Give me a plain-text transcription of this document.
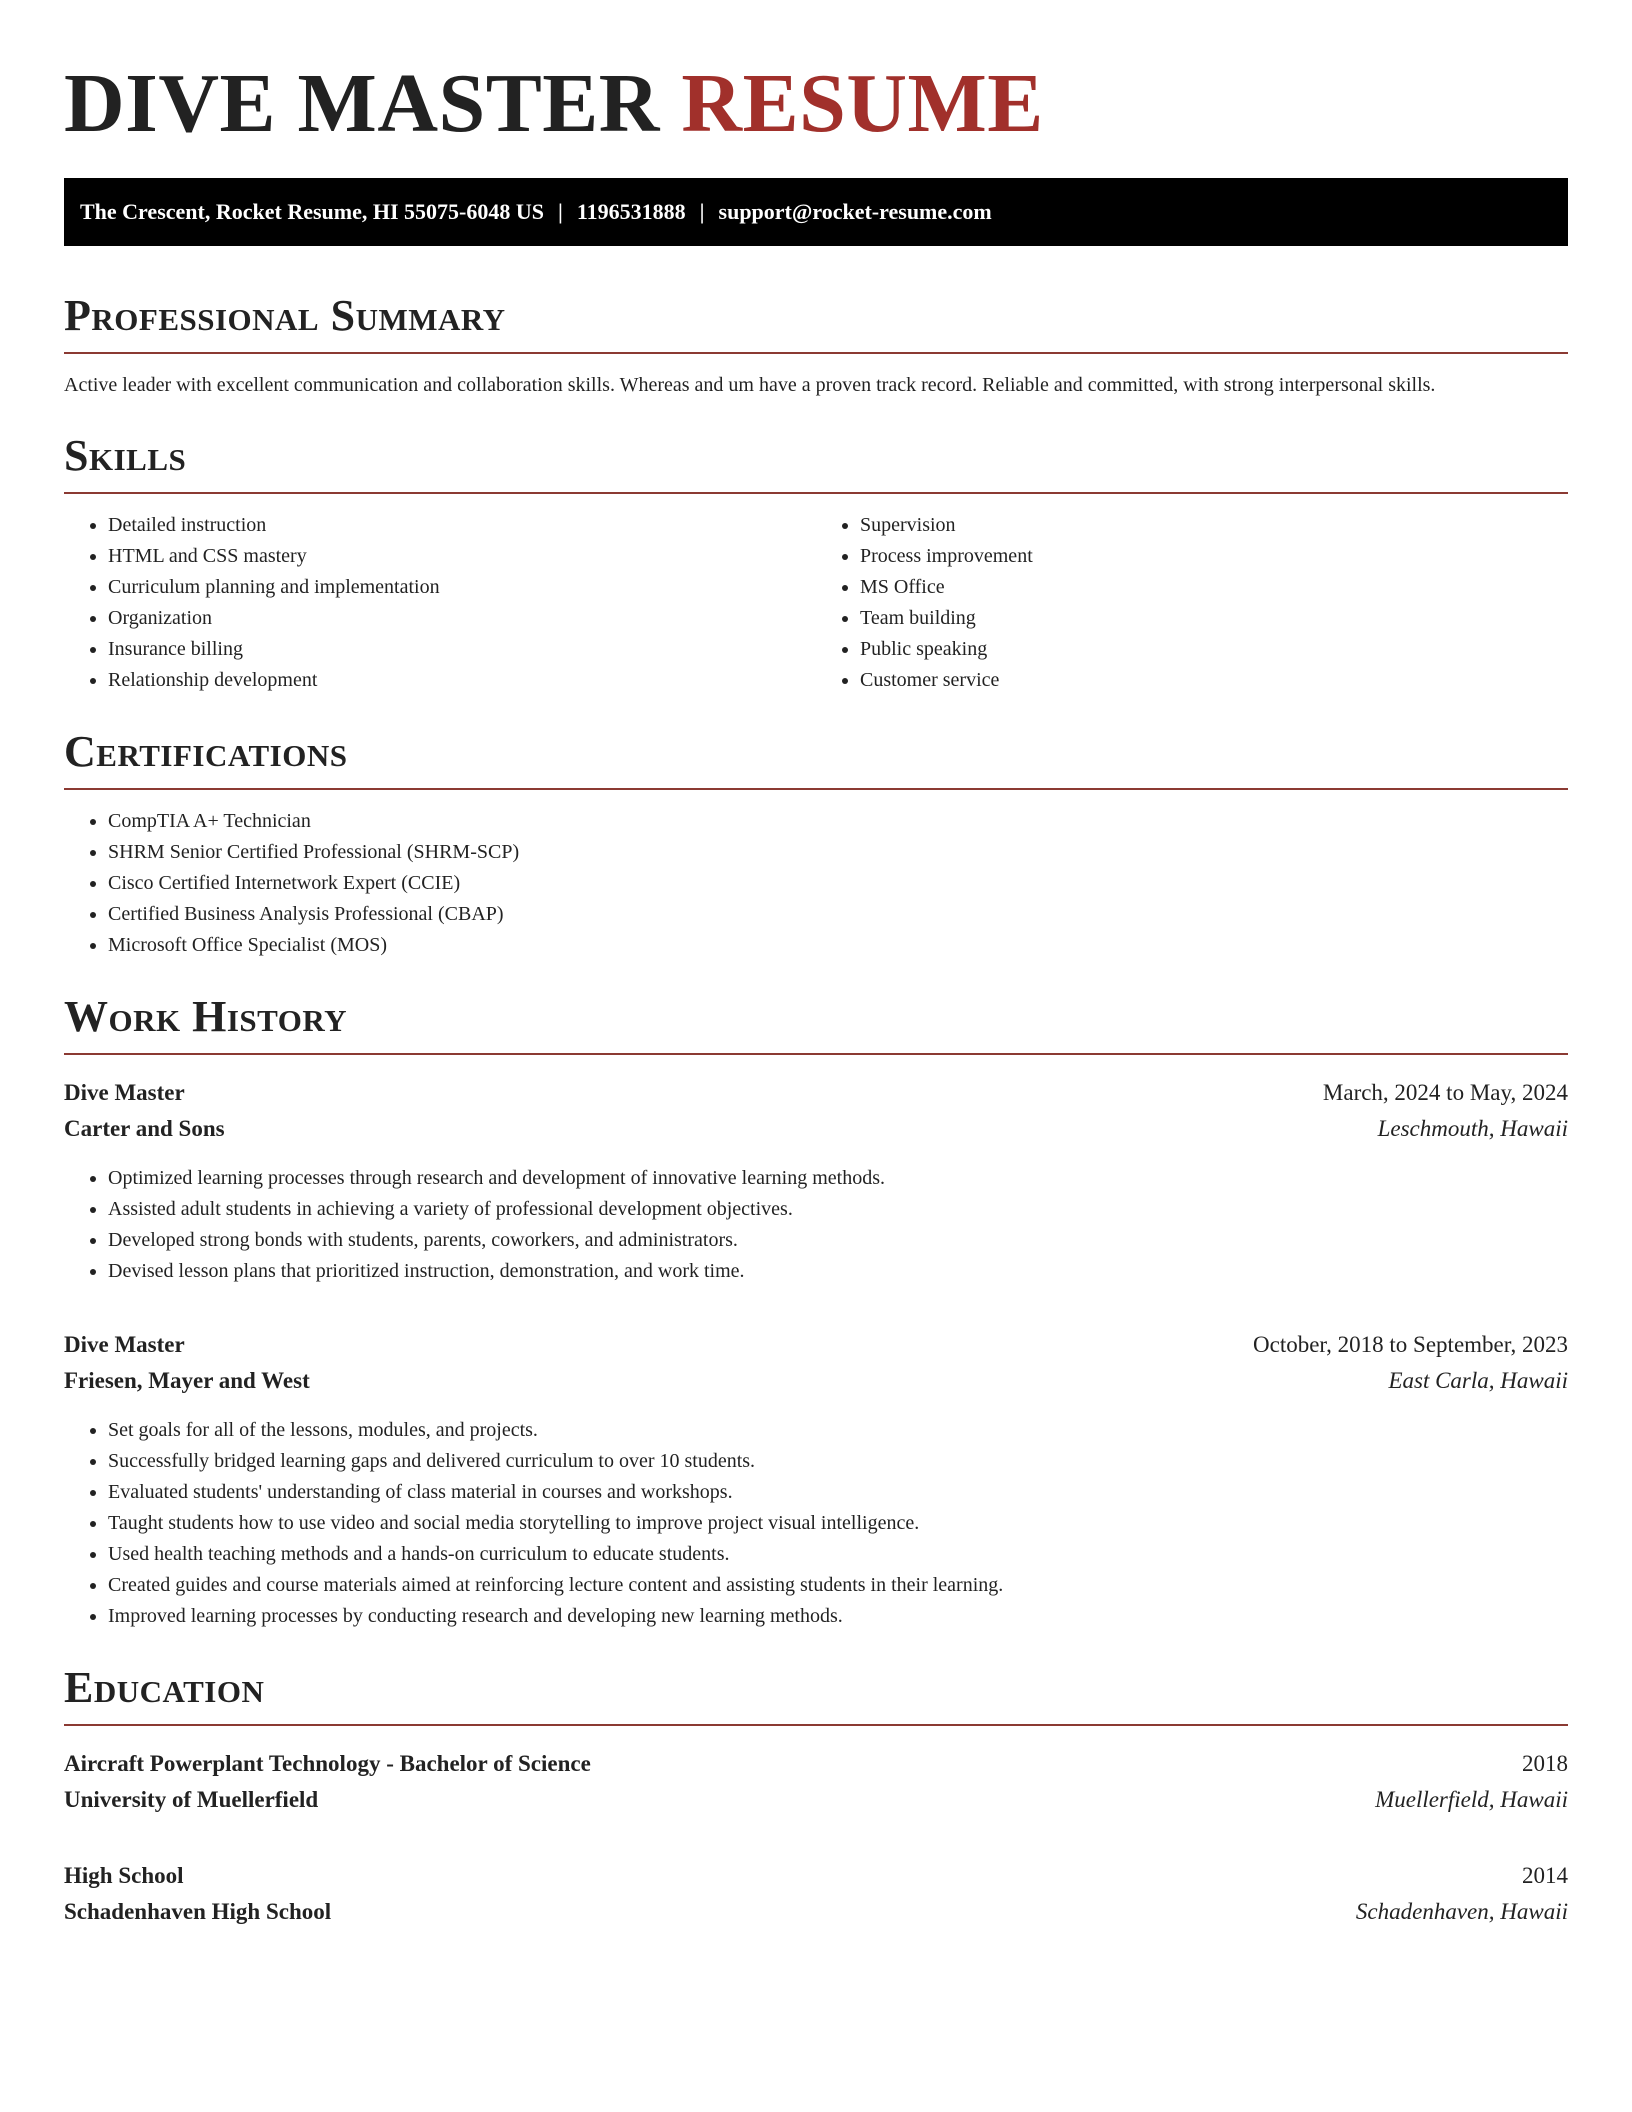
DIVE MASTER RESUME
The Crescent, Rocket Resume, HI 55075-6048 US | 1196531888 | support@rocket-resume.com
Professional Summary
Active leader with excellent communication and collaboration skills. Whereas and um have a proven track record. Reliable and committed, with strong interpersonal skills.
Skills
• Detailed instruction
• HTML and CSS mastery
• Curriculum planning and implementation
• Organization
• Insurance billing
• Relationship development
• Supervision
• Process improvement
• MS Office
• Team building
• Public speaking
• Customer service
Certifications
• CompTIA A+ Technician
• SHRM Senior Certified Professional (SHRM-SCP)
• Cisco Certified Internetwork Expert (CCIE)
• Certified Business Analysis Professional (CBAP)
• Microsoft Office Specialist (MOS)
Work History
Dive Master	March, 2024 to May, 2024
Carter and Sons	Leschmouth, Hawaii
• Optimized learning processes through research and development of innovative learning methods.
• Assisted adult students in achieving a variety of professional development objectives.
• Developed strong bonds with students, parents, coworkers, and administrators.
• Devised lesson plans that prioritized instruction, demonstration, and work time.
Dive Master	October, 2018 to September, 2023
Friesen, Mayer and West	East Carla, Hawaii
• Set goals for all of the lessons, modules, and projects.
• Successfully bridged learning gaps and delivered curriculum to over 10 students.
• Evaluated students' understanding of class material in courses and workshops.
• Taught students how to use video and social media storytelling to improve project visual intelligence.
• Used health teaching methods and a hands-on curriculum to educate students.
• Created guides and course materials aimed at reinforcing lecture content and assisting students in their learning.
• Improved learning processes by conducting research and developing new learning methods.
Education
Aircraft Powerplant Technology - Bachelor of Science	2018
University of Muellerfield	Muellerfield, Hawaii
High School	2014
Schadenhaven High School	Schadenhaven, Hawaii
